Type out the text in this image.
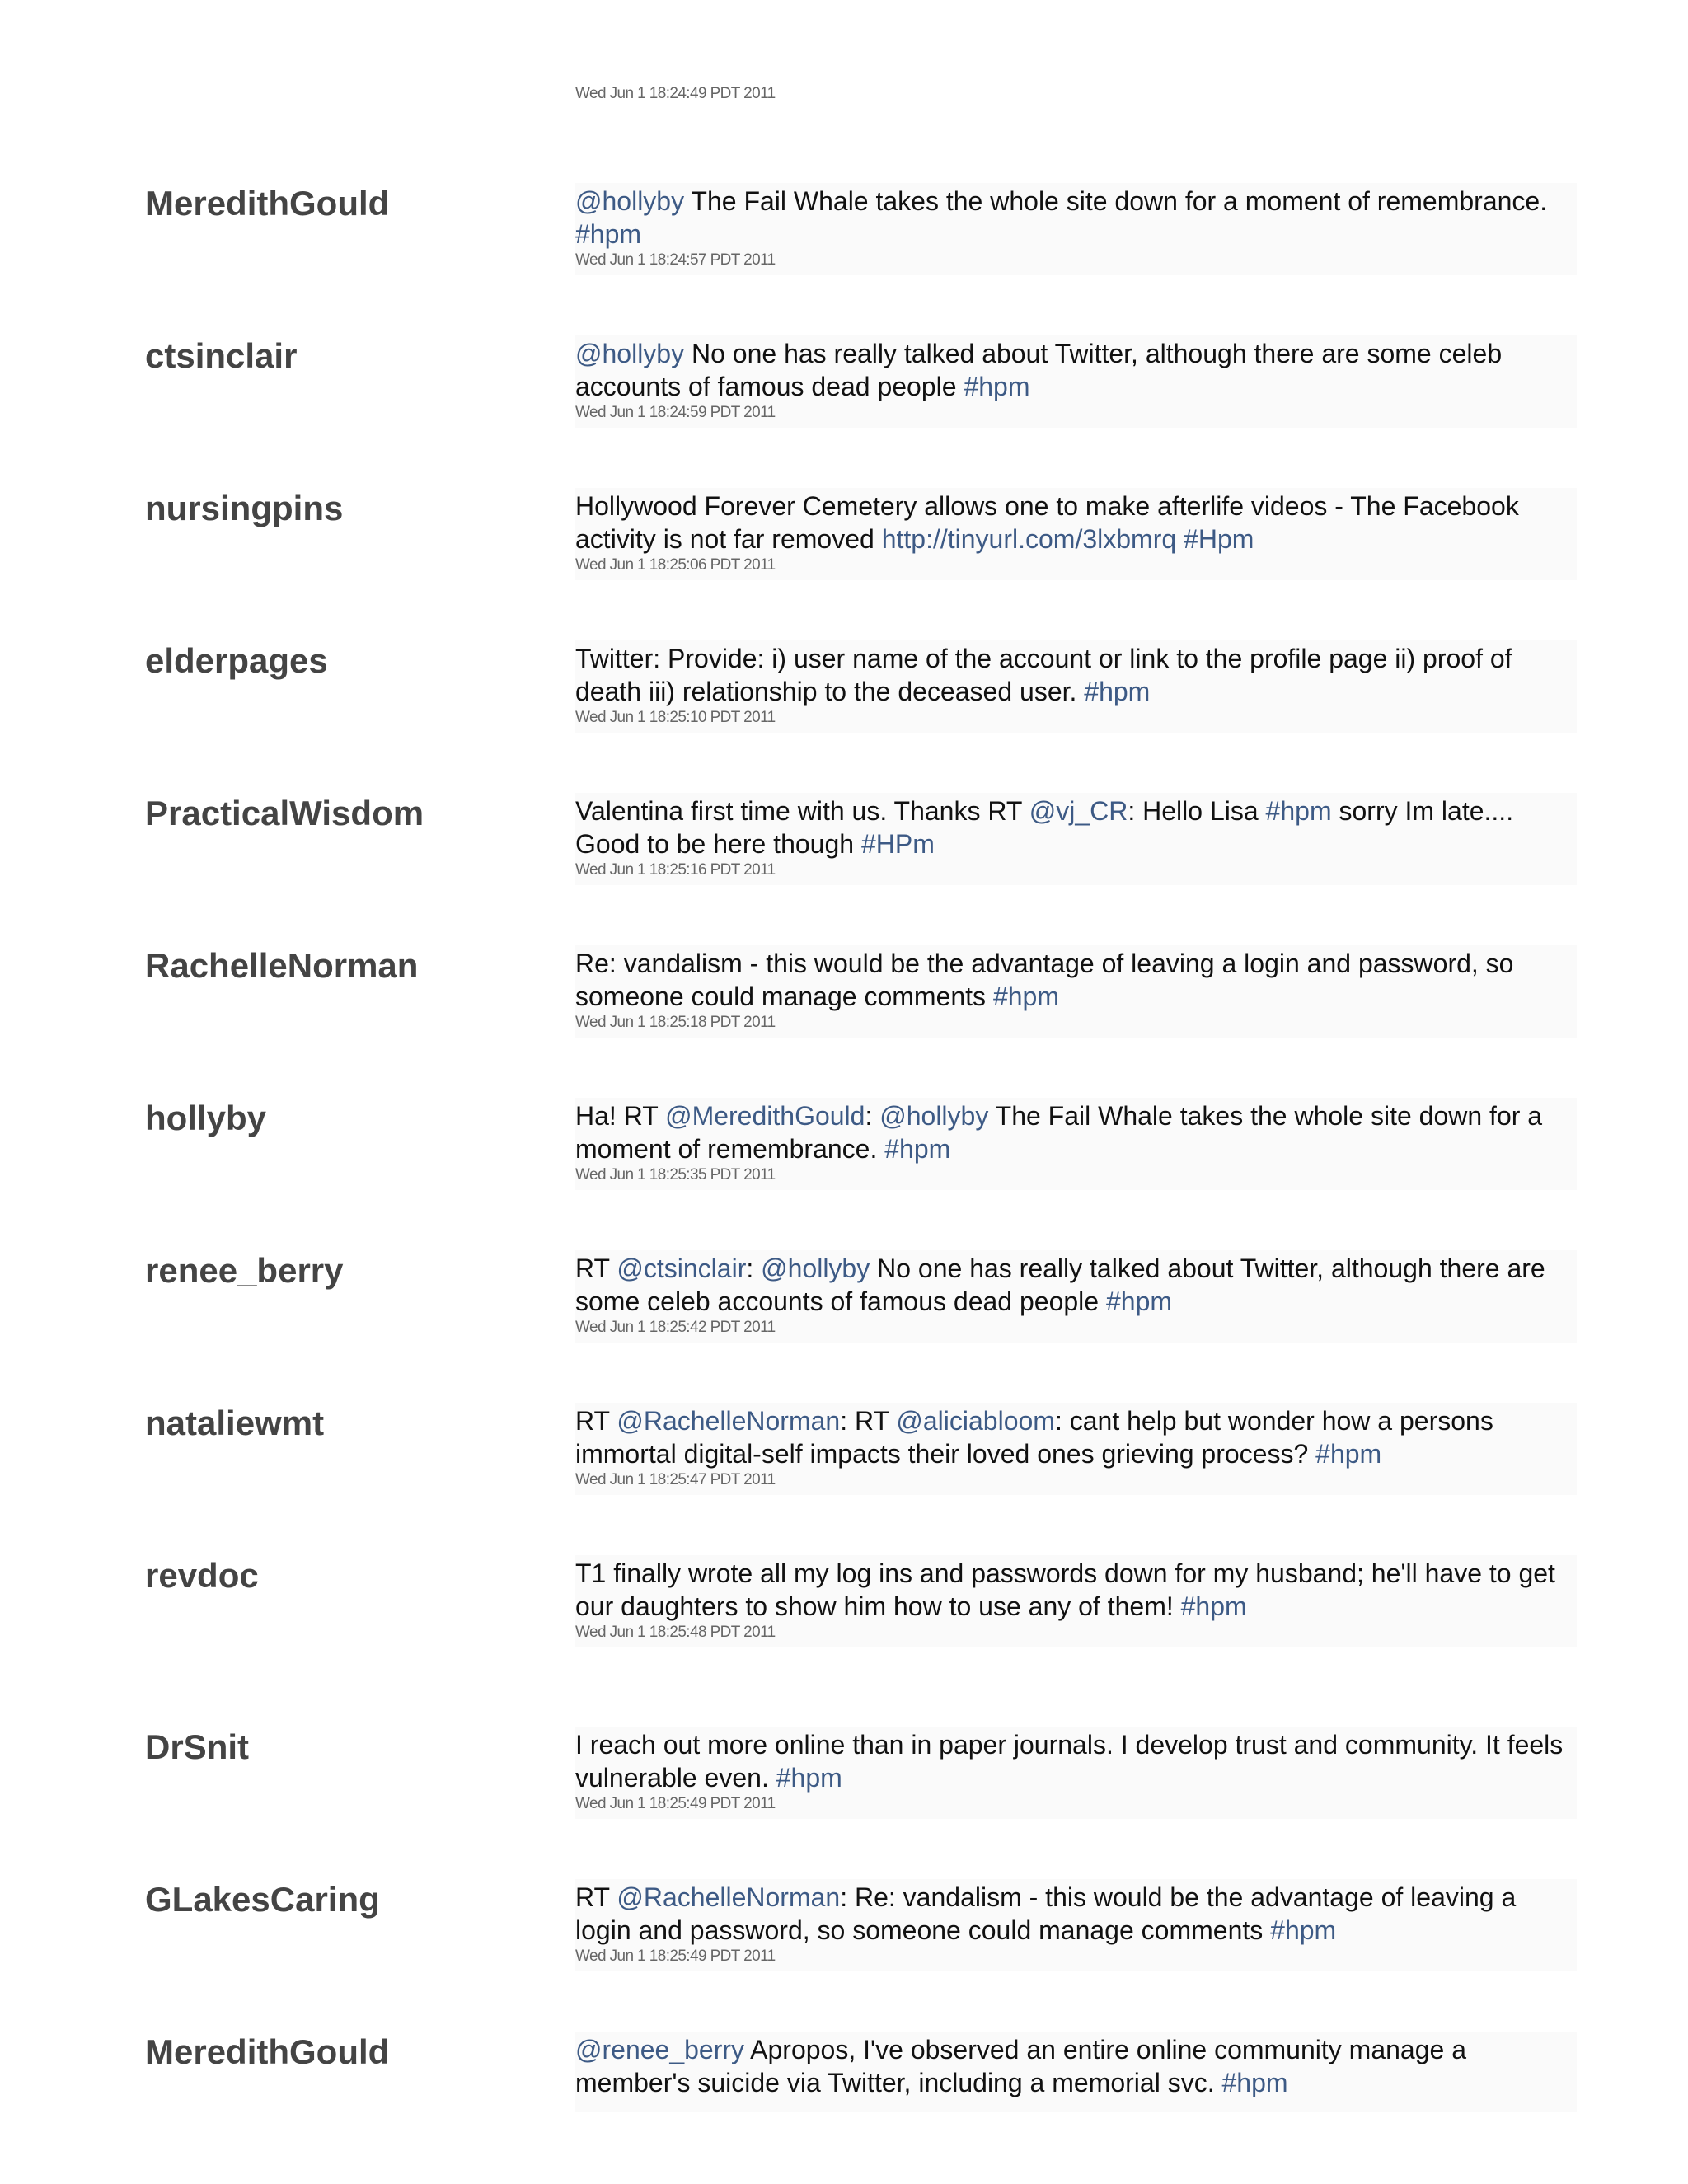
Wed Jun 1 18:24:49 PDT 2011
MeredithGould	@hollyby The Fail Whale takes the whole site down for a moment of remembrance. #hpm

Wed Jun 1 18:24:57 PDT 2011
ctsinclair	@hollyby No one has really talked about Twitter, although there are some celeb accounts of famous dead people #hpm

Wed Jun 1 18:24:59 PDT 2011
nursingpins	Hollywood Forever Cemetery allows one to make afterlife videos - The Facebook activity is not far removed http://tinyurl.com/3lxbmrq #Hpm

Wed Jun 1 18:25:06 PDT 2011
elderpages	Twitter: Provide: i) user name of the account or link to the profile page ii) proof of death iii) relationship to the deceased user. #hpm

Wed Jun 1 18:25:10 PDT 2011
PracticalWisdom	Valentina first time with us. Thanks RT @vj_CR: Hello Lisa #hpm sorry Im late.... Good to be here though #HPm

Wed Jun 1 18:25:16 PDT 2011
RachelleNorman	Re: vandalism - this would be the advantage of leaving a login and password, so someone could manage comments #hpm

Wed Jun 1 18:25:18 PDT 2011
hollyby	Ha! RT @MeredithGould: @hollyby The Fail Whale takes the whole site down for a moment of remembrance. #hpm

Wed Jun 1 18:25:35 PDT 2011
renee_berry	RT @ctsinclair: @hollyby No one has really talked about Twitter, although there are some celeb accounts of famous dead people #hpm

Wed Jun 1 18:25:42 PDT 2011
nataliewmt	RT @RachelleNorman: RT @aliciabloom: cant help but wonder how a persons immortal digital-self impacts their loved ones grieving process? #hpm

Wed Jun 1 18:25:47 PDT 2011
revdoc	T1 finally wrote all my log ins and passwords down for my husband; he'll have to get our daughters to show him how to use any of them! #hpm

Wed Jun 1 18:25:48 PDT 2011
DrSnit	I reach out more online than in paper journals. I develop trust and community. It feels vulnerable even. #hpm

Wed Jun 1 18:25:49 PDT 2011
GLakesCaring	RT @RachelleNorman: Re: vandalism - this would be the advantage of leaving a login and password, so someone could manage comments #hpm

Wed Jun 1 18:25:49 PDT 2011
MeredithGould	@renee_berry Apropos, I've observed an entire online community manage a member's suicide via Twitter, including a memorial svc. #hpm
